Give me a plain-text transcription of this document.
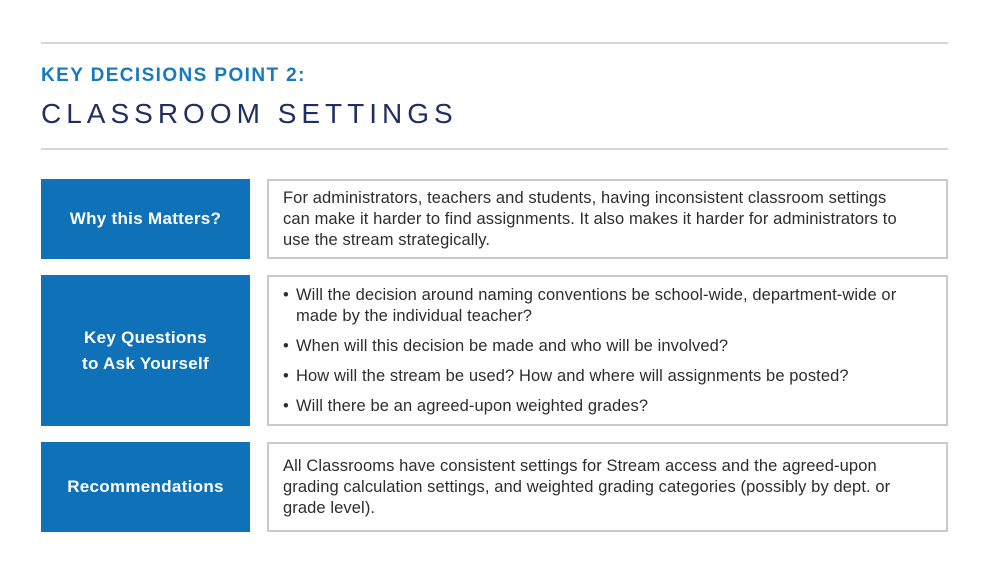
KEY DECISIONS POINT 2:
CLASSROOM SETTINGS
Why this Matters?

For administrators, teachers and students, having inconsistent classroom settings can make it harder to find assignments. It also makes it harder for administrators to use the stream strategically.

Key Questions
to Ask Yourself
• Will the decision around naming conventions be school-wide, department-wide or made by the individual teacher?
• When will this decision be made and who will be involved?
• How will the stream be used? How and where will assignments be posted?
• Will there be an agreed-upon weighted grades?
Recommendations

All Classrooms have consistent settings for Stream access and the agreed-upon grading calculation settings, and weighted grading categories (possibly by dept. or grade level).
